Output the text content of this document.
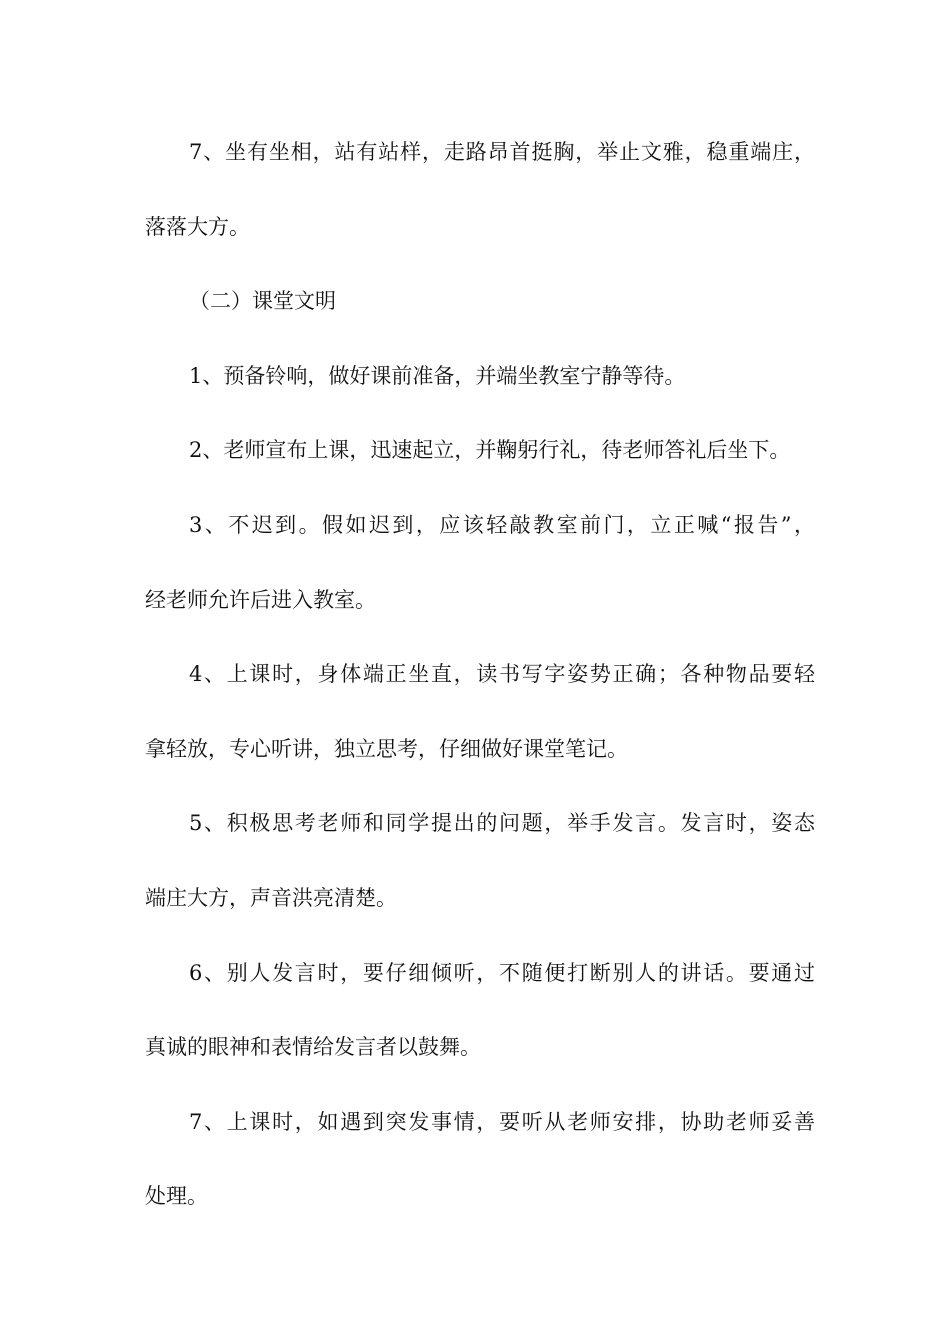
7、坐有坐相，站有站样，走路昂首挺胸，举止文雅，稳重端庄，
落落大方。
（二）课堂文明
1、预备铃响，做好课前准备，并端坐教室宁静等待。
2、老师宣布上课，迅速起立，并鞠躬行礼，待老师答礼后坐下。
3、不迟到。假如迟到，应该轻敲教室前门，立正喊“报告”，
经老师允许后进入教室。
4、上课时，身体端正坐直，读书写字姿势正确；各种物品要轻
拿轻放，专心听讲，独立思考，仔细做好课堂笔记。
5、积极思考老师和同学提出的问题，举手发言。发言时，姿态
端庄大方，声音洪亮清楚。
6、别人发言时，要仔细倾听，不随便打断别人的讲话。要通过
真诚的眼神和表情给发言者以鼓舞。
7、上课时，如遇到突发事情，要听从老师安排，协助老师妥善
处理。
